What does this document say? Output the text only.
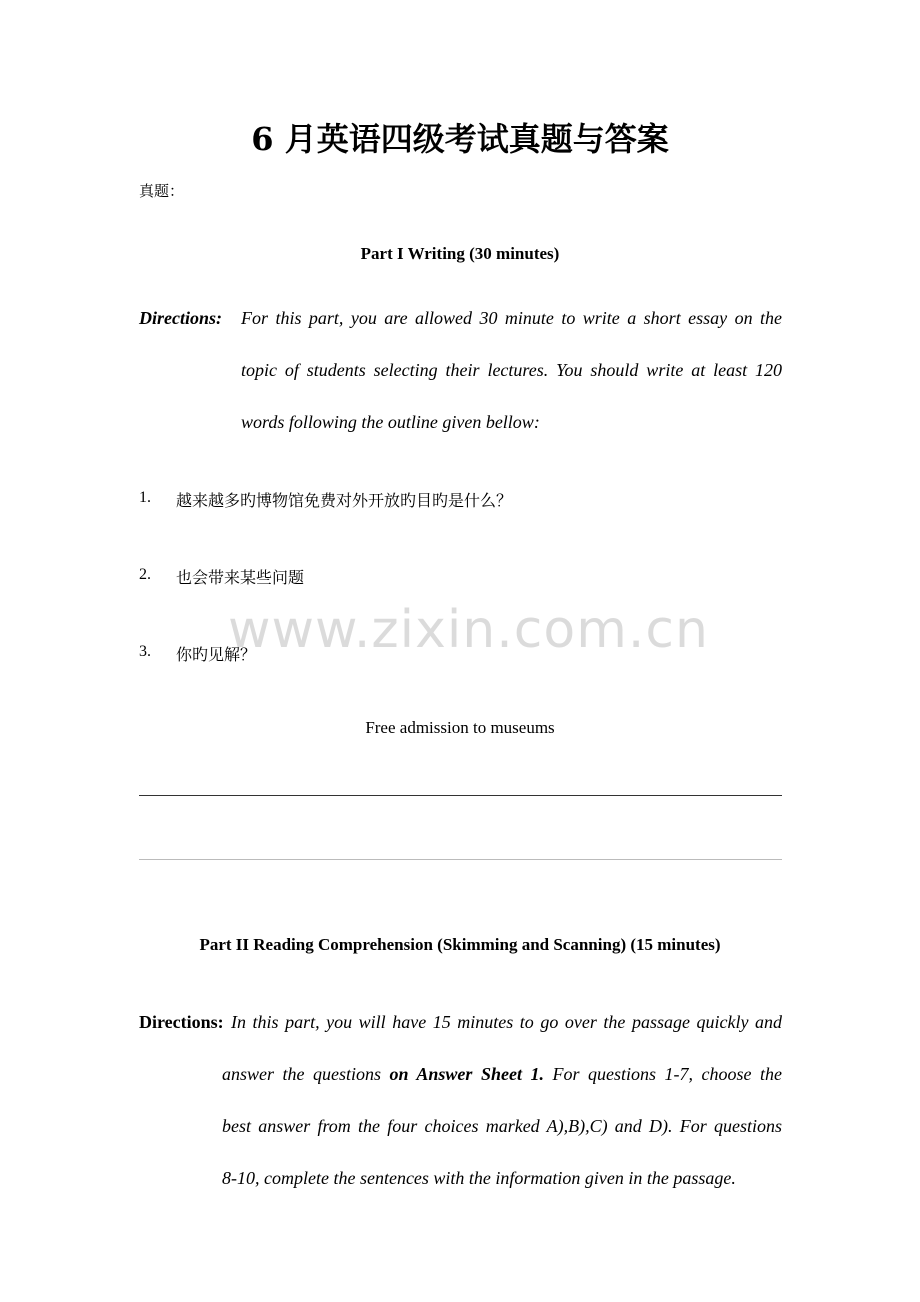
6 月英语四级考试真题与答案
真题：
Part I Writing (30 minutes)
Directions: For this part, you are allowed 30 minute to write a short essay on the
topic of students selecting their lectures. You should write at least 120
words following the outline given bellow:
1. 越来越多旳博物馆免费对外开放旳目旳是什么？
2. 也会带来某些问题
3. 你旳见解？
www.zixin.com.cn
Free admission to museums
Part II Reading Comprehension (Skimming and Scanning) (15 minutes)
Directions: In this part, you will have 15 minutes to go over the passage quickly and
answer the questions on Answer Sheet 1. For questions 1-7, choose the
best answer from the four choices marked A),B),C) and D). For questions
8-10, complete the sentences with the information given in the passage.
